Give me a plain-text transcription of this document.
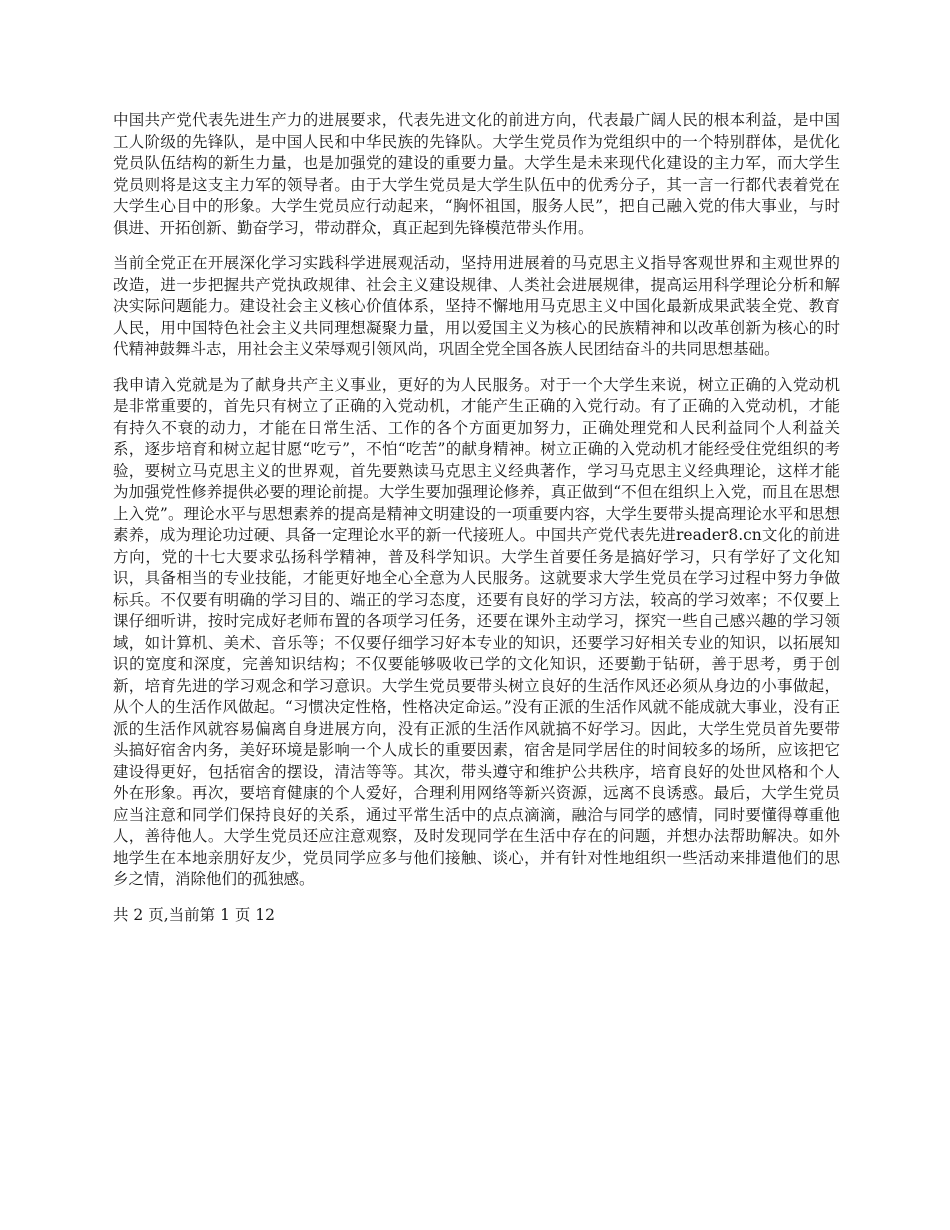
中国共产党代表先进生产力的进展要求，代表先进文化的前进方向，代表最广阔人民的根本利益，是中国工人阶级的先锋队，是中国人民和中华民族的先锋队。大学生党员作为党组织中的一个特别群体，是优化党员队伍结构的新生力量，也是加强党的建设的重要力量。大学生是未来现代化建设的主力军，而大学生党员则将是这支主力军的领导者。由于大学生党员是大学生队伍中的优秀分子，其一言一行都代表着党在大学生心目中的形象。大学生党员应行动起来，“胸怀祖国，服务人民”，把自己融入党的伟大事业，与时俱进、开拓创新、勤奋学习，带动群众，真正起到先锋模范带头作用。

当前全党正在开展深化学习实践科学进展观活动，坚持用进展着的马克思主义指导客观世界和主观世界的改造，进一步把握共产党执政规律、社会主义建设规律、人类社会进展规律，提高运用科学理论分析和解决实际问题能力。建设社会主义核心价值体系，坚持不懈地用马克思主义中国化最新成果武装全党、教育人民，用中国特色社会主义共同理想凝聚力量，用以爱国主义为核心的民族精神和以改革创新为核心的时代精神鼓舞斗志，用社会主义荣辱观引领风尚，巩固全党全国各族人民团结奋斗的共同思想基础。

我申请入党就是为了献身共产主义事业，更好的为人民服务。对于一个大学生来说，树立正确的入党动机是非常重要的，首先只有树立了正确的入党动机，才能产生正确的入党行动。有了正确的入党动机，才能有持久不衰的动力，才能在日常生活、工作的各个方面更加努力，正确处理党和人民利益同个人利益关系，逐步培育和树立起甘愿“吃亏”，不怕“吃苦”的献身精神。树立正确的入党动机才能经受住党组织的考验，要树立马克思主义的世界观，首先要熟读马克思主义经典著作，学习马克思主义经典理论，这样才能为加强党性修养提供必要的理论前提。大学生要加强理论修养，真正做到“不但在组织上入党，而且在思想上入党”。理论水平与思想素养的提高是精神文明建设的一项重要内容，大学生要带头提高理论水平和思想素养，成为理论功过硬、具备一定理论水平的新一代接班人。中国共产党代表先进reader8.cn文化的前进方向，党的十七大要求弘扬科学精神，普及科学知识。大学生首要任务是搞好学习，只有学好了文化知识，具备相当的专业技能，才能更好地全心全意为人民服务。这就要求大学生党员在学习过程中努力争做标兵。不仅要有明确的学习目的、端正的学习态度，还要有良好的学习方法，较高的学习效率；不仅要上课仔细听讲，按时完成好老师布置的各项学习任务，还要在课外主动学习，探究一些自己感兴趣的学习领域，如计算机、美术、音乐等；不仅要仔细学习好本专业的知识，还要学习好相关专业的知识，以拓展知识的宽度和深度，完善知识结构；不仅要能够吸收已学的文化知识，还要勤于钻研，善于思考，勇于创新，培育先进的学习观念和学习意识。大学生党员要带头树立良好的生活作风还必须从身边的小事做起，从个人的生活作风做起。“习惯决定性格，性格决定命运。”没有正派的生活作风就不能成就大事业，没有正派的生活作风就容易偏离自身进展方向，没有正派的生活作风就搞不好学习。因此，大学生党员首先要带头搞好宿舍内务，美好环境是影响一个人成长的重要因素，宿舍是同学居住的时间较多的场所，应该把它建设得更好，包括宿舍的摆设，清洁等等。其次，带头遵守和维护公共秩序，培育良好的处世风格和个人外在形象。再次，要培育健康的个人爱好，合理利用网络等新兴资源，远离不良诱惑。最后，大学生党员应当注意和同学们保持良好的关系，通过平常生活中的点点滴滴，融洽与同学的感情，同时要懂得尊重他人，善待他人。大学生党员还应注意观察，及时发现同学在生活中存在的问题，并想办法帮助解决。如外地学生在本地亲朋好友少，党员同学应多与他们接触、谈心，并有针对性地组织一些活动来排遣他们的思乡之情，消除他们的孤独感。

共 2 页,当前第 1 页 12
